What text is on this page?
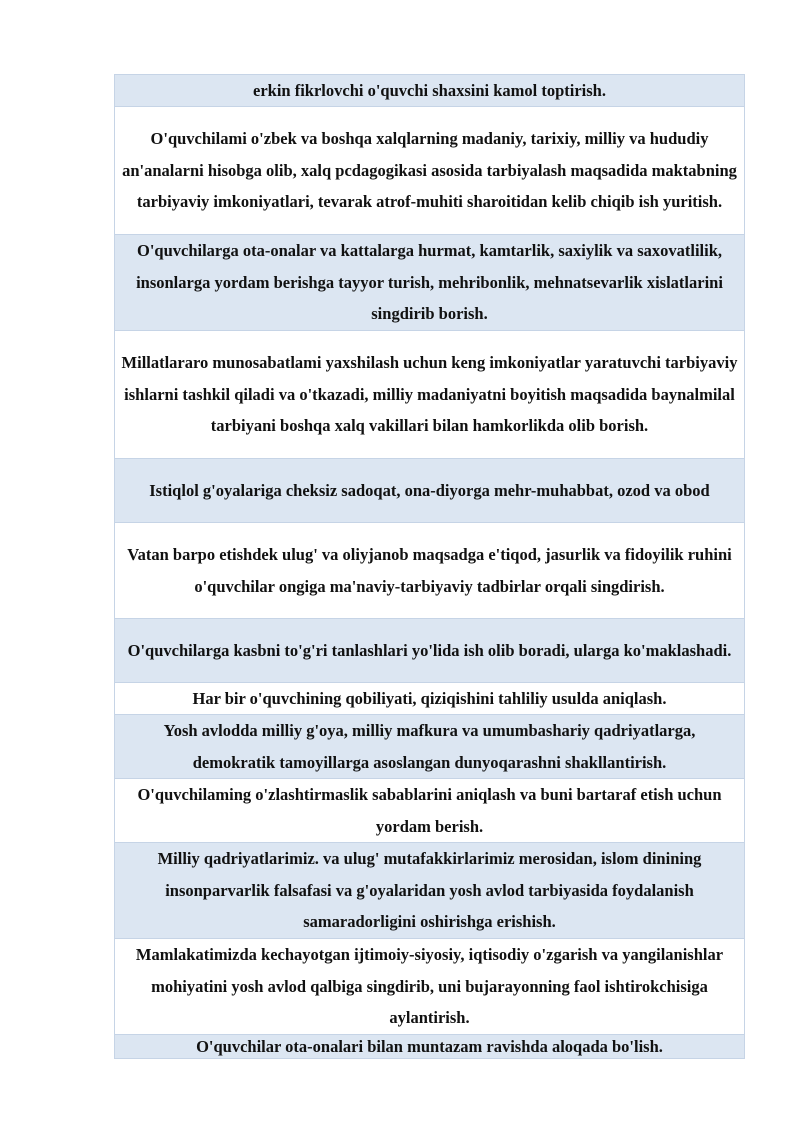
erkin fikrlovchi o'quvchi shaxsini kamol toptirish.
O'quvchilami o'zbek va boshqa xalqlarning madaniy, tarixiy, milliy va hududiy an'analarni hisobga olib, xalq pcdagogikasi asosida tarbiyalash maqsadida maktabning tarbiyaviy imkoniyatlari, tevarak atrof-muhiti sharoitidan kelib chiqib ish yuritish.
O'quvchilarga ota-onalar va kattalarga hurmat, kamtarlik, saxiylik va saxovatlilik, insonlarga yordam berishga tayyor turish, mehribonlik, mehnatsevarlik xislatlarini singdirib borish.
Millatlararo munosabatlami yaxshilash uchun keng imkoniyatlar yaratuvchi tarbiyaviy ishlarni tashkil qiladi va o'tkazadi, milliy madaniyatni boyitish maqsadida baynalmilal tarbiyani boshqa xalq vakillari bilan hamkorlikda olib borish.
Istiqlol g'oyalariga cheksiz sadoqat, ona-diyorga mehr-muhabbat, ozod va obod
Vatan barpo etishdek ulug' va oliyjanob maqsadga e'tiqod, jasurlik va fidoyilik ruhini o'quvchilar ongiga ma'naviy-tarbiyaviy tadbirlar orqali singdirish.
O'quvchilarga kasbni to'g'ri tanlashlari yo'lida ish olib boradi, ularga ko'maklashadi.
Har bir o'quvchining qobiliyati, qiziqishini tahliliy usulda aniqlash.
Yosh avlodda milliy g'oya, milliy mafkura va umumbashariy qadriyatlarga, demokratik tamoyillarga asoslangan dunyoqarashni shakllantirish.
O'quvchilaming o'zlashtirmaslik sabablarini aniqlash va buni bartaraf etish uchun yordam berish.
Milliy qadriyatlarimiz. va ulug' mutafakkirlarimiz merosidan, islom dinining insonparvarlik falsafasi va g'oyalaridan yosh avlod tarbiyasida foydalanish samaradorligini oshirishga erishish.
Mamlakatimizda kechayotgan ijtimoiy-siyosiy, iqtisodiy o'zgarish va yangilanishlar mohiyatini yosh avlod qalbiga singdirib, uni bujarayonning faol ishtirokchisiga aylantirish.
O'quvchilar ota-onalari bilan muntazam ravishda aloqada bo'lish.
